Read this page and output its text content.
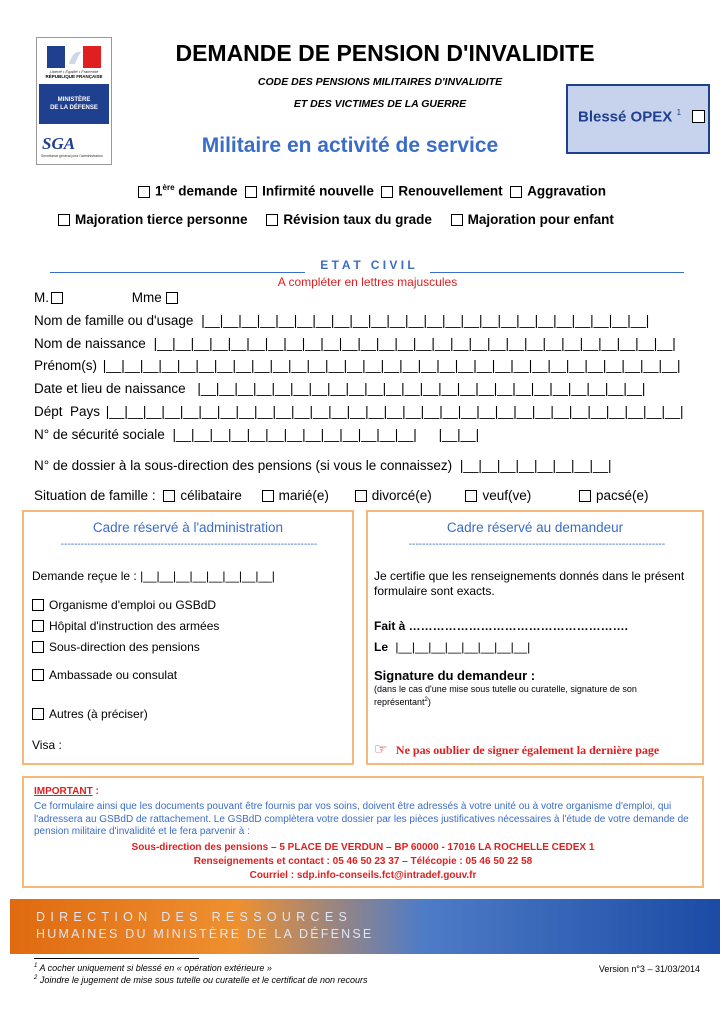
Liberté • Égalité • Fraternité
RÉPUBLIQUE FRANÇAISE
MINISTÈRE
DE LA DÉFENSE
SGA
Secrétariat général pour l'administration
DEMANDE DE PENSION D'INVALIDITE
CODE DES PENSIONS MILITAIRES D'INVALIDITE
ET DES VICTIMES DE LA GUERRE
Militaire en activité de service
Blessé OPEX $^1$
1ère demande Infirmité nouvelle Renouvellement Aggravation
Majoration tierce personne	Révision taux du grade	Majoration pour enfant
E T A T   C I V I L
A compléter en lettres majuscules
M.	Mme
Nom de famille ou d'usage |__|__|__|__|__|__|__|__|__|__|__|__|__|__|__|__|__|__|__|__|__|__|__|__|
Nom de naissance |__|__|__|__|__|__|__|__|__|__|__|__|__|__|__|__|__|__|__|__|__|__|__|__|__|__|__|__|
Prénom(s) |__|__|__|__|__|__|__|__|__|__|__|__|__|__|__|__|__|__|__|__|__|__|__|__|__|__|__|__|__|__|__|
Date et lieu de naissance |__|__|__|__|__|__|__|__|__|__|__|__|__|__|__|__|__|__|__|__|__|__|__|__|
Dépt  Pays |__|__|__|__|__|__|__|__|__|__|__|__|__|__|__|__|__|__|__|__|__|__|__|__|__|__|__|__|__|__|__|
N° de sécurité sociale |__|__|__|__|__|__|__|__|__|__|__|__|__| |__|__|
N° de dossier à la sous-direction des pensions (si vous le connaissez) |__|__|__|__|__|__|__|__|
Situation de famille : célibataire	marié(e)	divorcé(e)	veuf(ve)	pacsé(e)
Cadre réservé à l'administration
-----------------------------------------------------------------------------
Demande reçue le : |__|__|__|__|__|__|__|__|
Organisme d'emploi ou GSBdD
Hôpital d'instruction des armées
Sous-direction des pensions
Ambassade ou consulat
Autres (à préciser)
Visa :
Cadre réservé au demandeur
-----------------------------------------------------------------------------
Je certifie que les renseignements donnés dans le présent formulaire sont exacts.
Fait à ……………………………………………….
Le |__|__|__|__|__|__|__|__|
Signature du demandeur :
(dans le cas d'une mise sous tutelle ou curatelle, signature de son représentant$^2$)
☞ Ne pas oublier de signer également la dernière page
IMPORTANT :
Ce formulaire ainsi que les documents pouvant être fournis par vos soins, doivent être adressés à votre unité ou à votre organisme d'emploi, qui l'adressera au GSBdD de rattachement. Le GSBdD complètera votre dossier par les pièces justificatives nécessaires à l'étude de votre demande de pension militaire d'invalidité et le fera parvenir à :
Sous-direction des pensions – 5 PLACE DE VERDUN – BP 60000 - 17016 LA ROCHELLE CEDEX 1
Renseignements et contact : 05 46 50 23 37 – Télécopie : 05 46 50 22 58
Courriel : sdp.info-conseils.fct@intradef.gouv.fr
DIRECTION DES RESSOURCES
HUMAINES DU MINISTÈRE DE LA DÉFENSE
$^1$ A cocher uniquement si blessé en « opération extérieure »
$^2$ Joindre le jugement de mise sous tutelle ou curatelle et le certificat de non recours
Version n°3 – 31/03/2014
